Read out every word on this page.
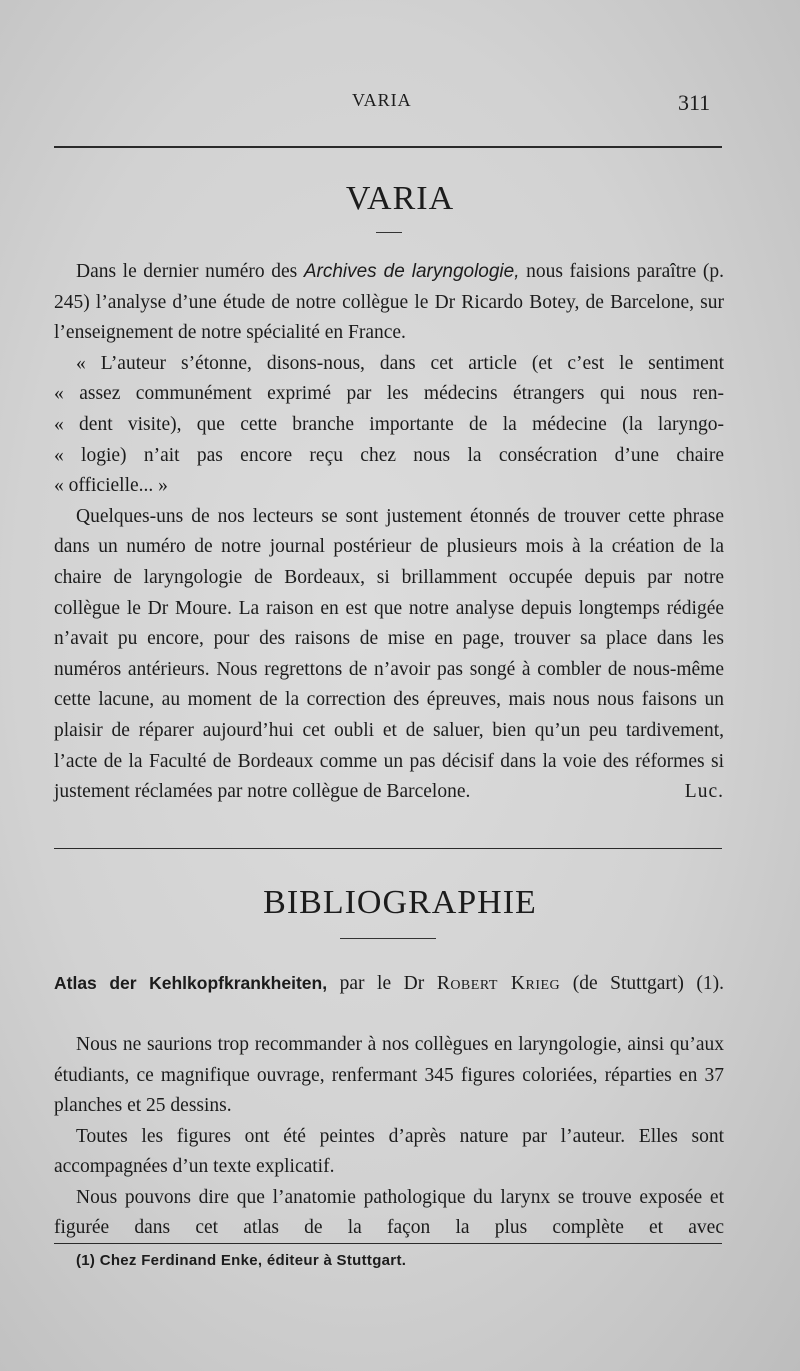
VARIA	311
VARIA

Dans le dernier numéro des Archives de laryngologie, nous faisions paraître (p. 245) l’analyse d’une étude de notre collègue le Dr Ricardo Botey, de Barcelone, sur l’enseignement de notre spécialité en France.

« L’auteur s’étonne, disons-nous, dans cet article (et c’est le sentiment

« assez communément exprimé par les médecins étrangers qui nous ren-

« dent visite), que cette branche importante de la médecine (la laryngo-

« logie) n’ait pas encore reçu chez nous la consécration d’une chaire

« officielle... »

Quelques-uns de nos lecteurs se sont justement étonnés de trouver cette phrase dans un numéro de notre journal postérieur de plusieurs mois à la création de la chaire de laryngologie de Bordeaux, si brillamment occupée depuis par notre collègue le Dr Moure. La raison en est que notre analyse depuis longtemps rédigée n’avait pu encore, pour des raisons de mise en page, trouver sa place dans les numéros antérieurs. Nous regrettons de n’avoir pas songé à combler de nous-même cette lacune, au moment de la correction des épreuves, mais nous nous faisons un plaisir de réparer aujourd’hui cet oubli et de saluer, bien qu’un peu tardivement, l’acte de la Faculté de Bordeaux comme un pas décisif dans la voie des réformes si justement réclamées par notre collègue de Barcelone.	Luc.
BIBLIOGRAPHIE
Atlas der Kehlkopfkrankheiten, par le Dr Robert Krieg (de Stuttgart) (1).

Nous ne saurions trop recommander à nos collègues en laryngologie, ainsi qu’aux étudiants, ce magnifique ouvrage, renfermant 345 figures coloriées, réparties en 37 planches et 25 dessins.

Toutes les figures ont été peintes d’après nature par l’auteur. Elles sont accompagnées d’un texte explicatif.

Nous pouvons dire que l’anatomie pathologique du larynx se trouve exposée et figurée dans cet atlas de la façon la plus complète et avec

(1) Chez Ferdinand Enke, éditeur à Stuttgart.
